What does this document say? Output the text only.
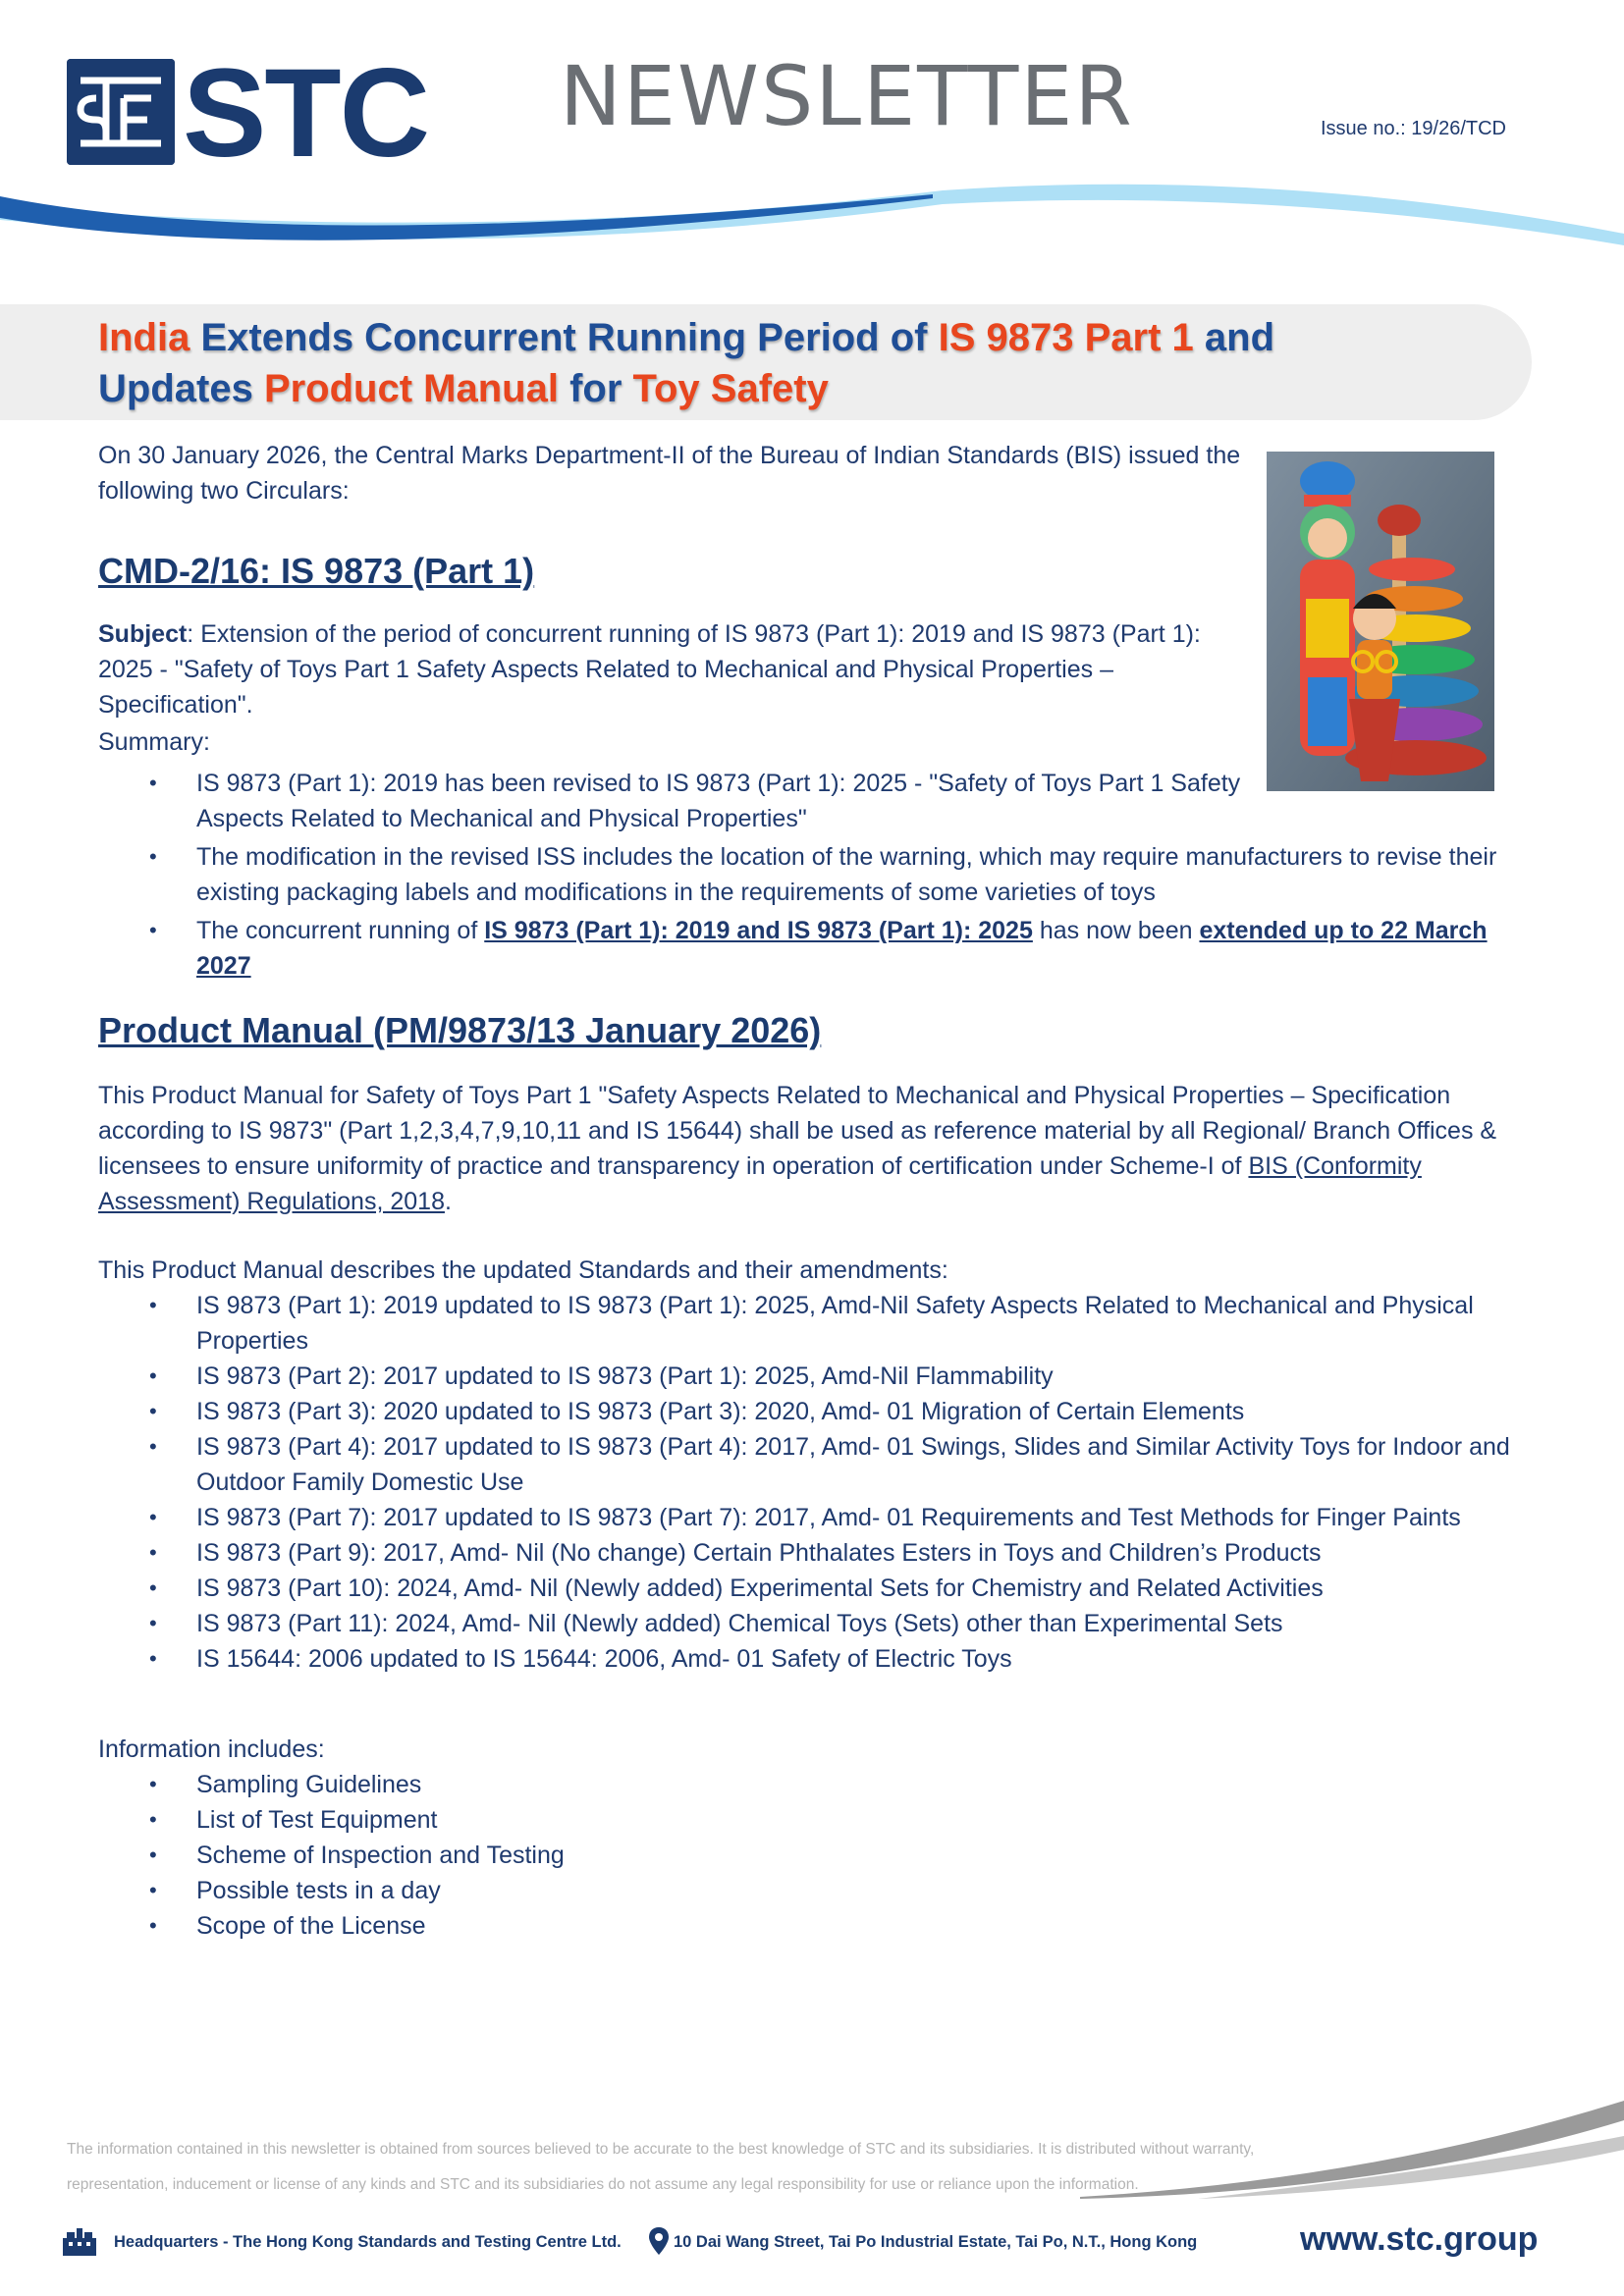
STC NEWSLETTER	Issue no.: 19/26/TCD
India Extends Concurrent Running Period of IS 9873 Part 1 and
Updates Product Manual for Toy Safety

On 30 January 2026, the Central Marks Department-II of the Bureau of Indian Standards (BIS) issued the following two Circulars:

CMD-2/16: IS 9873 (Part 1)

Subject: Extension of the period of concurrent running of IS 9873 (Part 1): 2019 and IS 9873 (Part 1): 2025 - "Safety of Toys Part 1 Safety Aspects Related to Mechanical and Physical Properties – Specification".

Summary:

• IS 9873 (Part 1): 2019 has been revised to IS 9873 (Part 1): 2025 - "Safety of Toys Part 1 Safety Aspects Related to Mechanical and Physical Properties"
• The modification in the revised ISS includes the location of the warning, which may require manufacturers to revise their existing packaging labels and modifications in the requirements of some varieties of toys
• The concurrent running of IS 9873 (Part 1): 2019 and IS 9873 (Part 1): 2025 has now been extended up to 22 March 2027
Product Manual (PM/9873/13 January 2026)

This Product Manual for Safety of Toys Part 1 "Safety Aspects Related to Mechanical and Physical Properties – Specification according to IS 9873" (Part 1,2,3,4,7,9,10,11 and IS 15644) shall be used as reference material by all Regional/ Branch Offices & licensees to ensure uniformity of practice and transparency in operation of certification under Scheme-I of BIS (Conformity Assessment) Regulations, 2018.

This Product Manual describes the updated Standards and their amendments:

• IS 9873 (Part 1): 2019 updated to IS 9873 (Part 1): 2025, Amd-Nil Safety Aspects Related to Mechanical and Physical Properties
• IS 9873 (Part 2): 2017 updated to IS 9873 (Part 1): 2025, Amd-Nil Flammability
• IS 9873 (Part 3): 2020 updated to IS 9873 (Part 3): 2020, Amd- 01 Migration of Certain Elements
• IS 9873 (Part 4): 2017 updated to IS 9873 (Part 4): 2017, Amd- 01 Swings, Slides and Similar Activity Toys for Indoor and Outdoor Family Domestic Use
• IS 9873 (Part 7): 2017 updated to IS 9873 (Part 7): 2017, Amd- 01 Requirements and Test Methods for Finger Paints
• IS 9873 (Part 9): 2017, Amd- Nil (No change) Certain Phthalates Esters in Toys and Children’s Products
• IS 9873 (Part 10): 2024, Amd- Nil (Newly added) Experimental Sets for Chemistry and Related Activities
• IS 9873 (Part 11): 2024, Amd- Nil (Newly added) Chemical Toys (Sets) other than Experimental Sets
• IS 15644: 2006 updated to IS 15644: 2006, Amd- 01 Safety of Electric Toys

Information includes:

• Sampling Guidelines
• List of Test Equipment
• Scheme of Inspection and Testing
• Possible tests in a day
• Scope of the License
The information contained in this newsletter is obtained from sources believed to be accurate to the best knowledge of STC and its subsidiaries. It is distributed without warranty, representation, inducement or license of any kinds and STC and its subsidiaries do not assume any legal responsibility for use or reliance upon the information.
Headquarters - The Hong Kong Standards and Testing Centre Ltd.	10 Dai Wang Street, Tai Po Industrial Estate, Tai Po, N.T., Hong Kong	www.stc.group
